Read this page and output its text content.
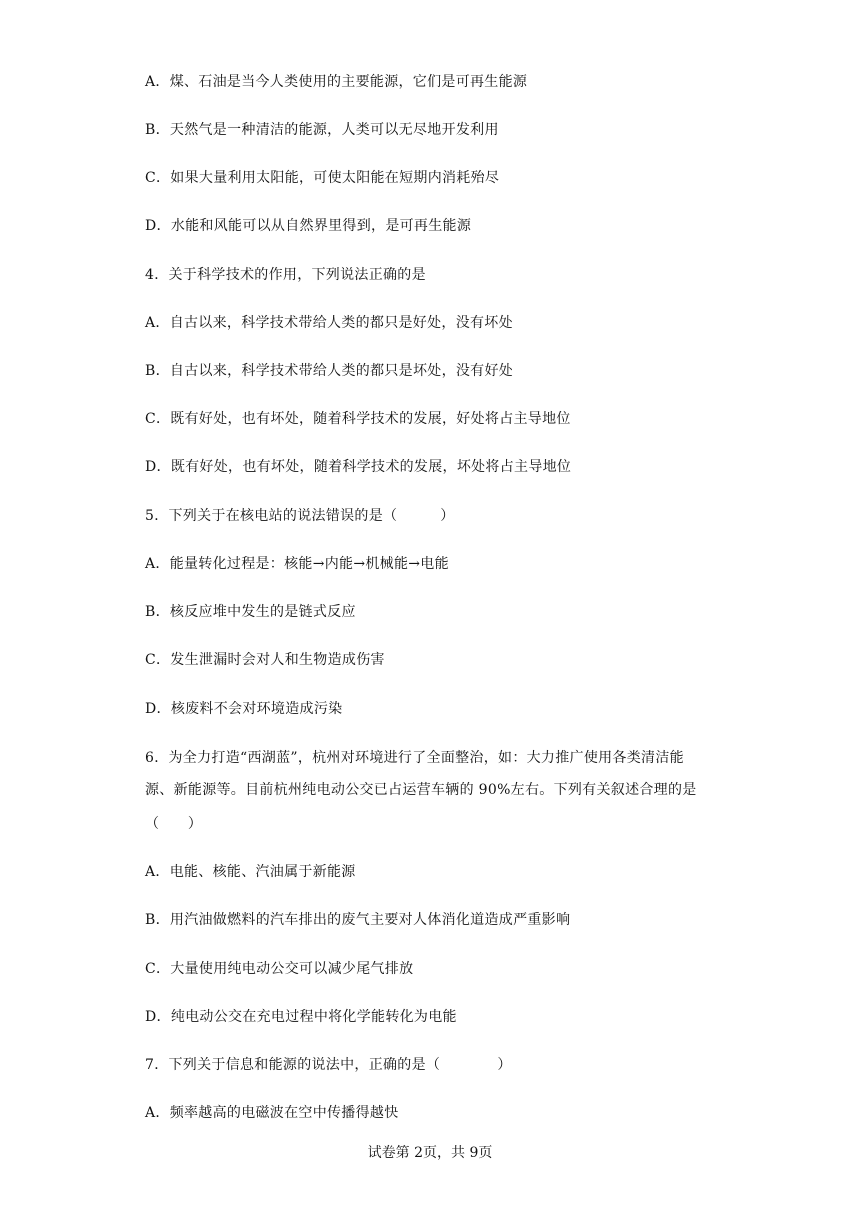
A．煤、石油是当今人类使用的主要能源，它们是可再生能源
B．天然气是一种清洁的能源，人类可以无尽地开发利用
C．如果大量利用太阳能，可使太阳能在短期内消耗殆尽
D．水能和风能可以从自然界里得到，是可再生能源
4．关于科学技术的作用，下列说法正确的是
A．自古以来，科学技术带给人类的都只是好处，没有坏处
B．自古以来，科学技术带给人类的都只是坏处，没有好处
C．既有好处，也有坏处，随着科学技术的发展，好处将占主导地位
D．既有好处，也有坏处，随着科学技术的发展，坏处将占主导地位
5．下列关于在核电站的说法错误的是（　　　）
A．能量转化过程是：核能→内能→机械能→电能
B．核反应堆中发生的是链式反应
C．发生泄漏时会对人和生物造成伤害
D．核废料不会对环境造成污染
6．为全力打造“西湖蓝”，杭州对环境进行了全面整治，如：大力推广使用各类清洁能
源、新能源等。目前杭州纯电动公交已占运营车辆的 90%左右。下列有关叙述合理的是
（　　）
A．电能、核能、汽油属于新能源
B．用汽油做燃料的汽车排出的废气主要对人体消化道造成严重影响
C．大量使用纯电动公交可以减少尾气排放
D．纯电动公交在充电过程中将化学能转化为电能
7．下列关于信息和能源的说法中，正确的是（　　　　）
A．频率越高的电磁波在空中传播得越快
试卷第 2页，共 9页
